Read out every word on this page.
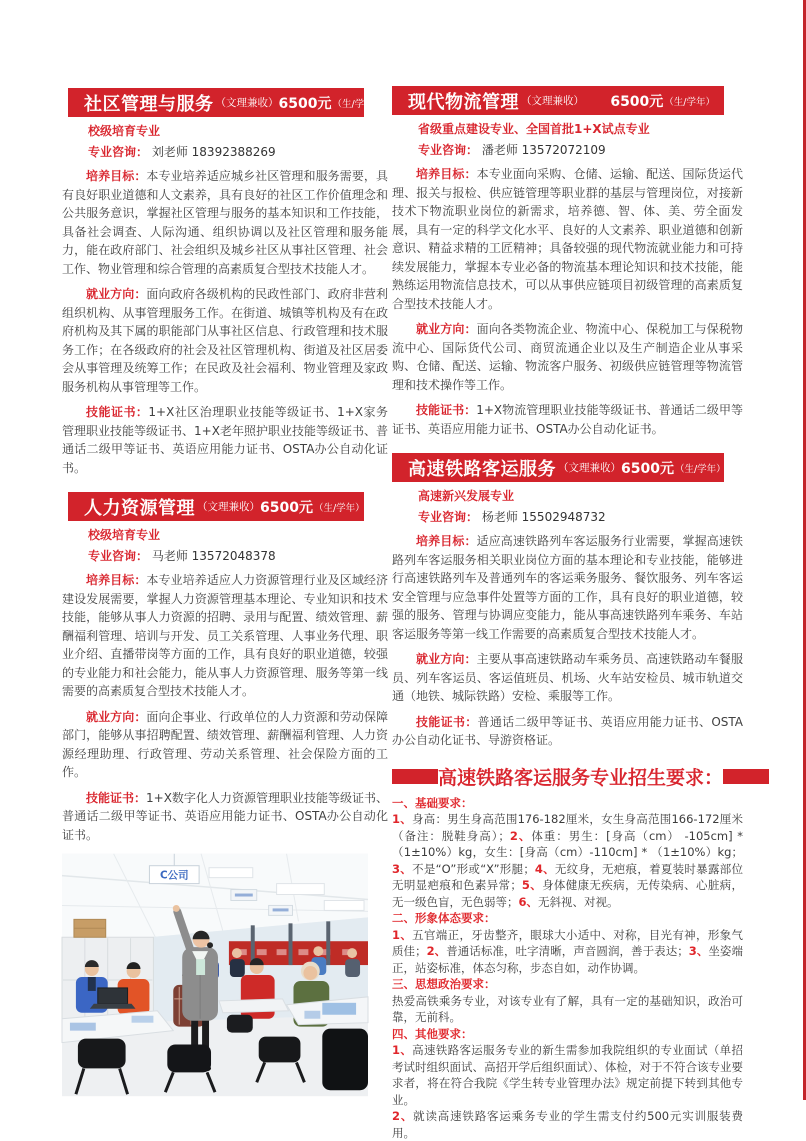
社区管理与服务 （文理兼收） 6500元 （生/学年）
校级培育专业
专业咨询： 刘老师 18392388269

培养目标：本专业培养适应城乡社区管理和服务需要，具有良好职业道德和人文素养，具有良好的社区工作价值理念和公共服务意识，掌握社区管理与服务的基本知识和工作技能，具备社会调查、人际沟通、组织协调以及社区管理和服务能力，能在政府部门、社会组织及城乡社区从事社区管理、社会工作、物业管理和综合管理的高素质复合型技术技能人才。

就业方向：面向政府各级机构的民政性部门、政府非营利组织机构、从事管理服务工作。在街道、城镇等机构及有在政府机构及其下属的职能部门从事社区信息、行政管理和技术服务工作；在各级政府的社会及社区管理机构、街道及社区居委会从事管理及统筹工作；在民政及社会福利、物业管理及家政服务机构从事管理等工作。

技能证书：1+X社区治理职业技能等级证书、1+X家务管理职业技能等级证书、1+X老年照护职业技能等级证书、普通话二级甲等证书、英语应用能力证书、OSTA办公自动化证书。

人力资源管理 （文理兼收） 6500元 （生/学年）
校级培育专业
专业咨询： 马老师 13572048378

培养目标：本专业培养适应人力资源管理行业及区域经济建设发展需要，掌握人力资源管理基本理论、专业知识和技术技能，能够从事人力资源的招聘、录用与配置、绩效管理、薪酬福利管理、培训与开发、员工关系管理、人事业务代理、职业介绍、直播带岗等方面的工作，具有良好的职业道德，较强的专业能力和社会能力，能从事人力资源管理、服务等第一线需要的高素质复合型技术技能人才。

就业方向：面向企事业、行政单位的人力资源和劳动保障部门，能够从事招聘配置、绩效管理、薪酬福利管理、人力资源经理助理、行政管理、劳动关系管理、社会保险方面的工作。

技能证书：1+X数字化人力资源管理职业技能等级证书、普通话二级甲等证书、英语应用能力证书、OSTA办公自动化证书。

C公司
现代物流管理 （文理兼收） 6500元 （生/学年）
省级重点建设专业、全国首批1+X试点专业
专业咨询： 潘老师 13572072109

培养目标：本专业面向采购、仓储、运输、配送、国际货运代理、报关与报检、供应链管理等职业群的基层与管理岗位，对接新技术下物流职业岗位的新需求，培养德、智、体、美、劳全面发展，具有一定的科学文化水平、良好的人文素养、职业道德和创新意识、精益求精的工匠精神；具备较强的现代物流就业能力和可持续发展能力，掌握本专业必备的物流基本理论知识和技术技能，能熟练运用物流信息技术，可以从事供应链项目初级管理的高素质复合型技术技能人才。

就业方向：面向各类物流企业、物流中心、保税加工与保税物流中心、国际货代公司、商贸流通企业以及生产制造企业从事采购、仓储、配送、运输、物流客户服务、初级供应链管理等物流管理和技术操作等工作。

技能证书：1+X物流管理职业技能等级证书、普通话二级甲等证书、英语应用能力证书、OSTA办公自动化证书。

高速铁路客运服务 （文理兼收） 6500元 （生/学年）
高速新兴发展专业
专业咨询： 杨老师 15502948732

培养目标：适应高速铁路列车客运服务行业需要，掌握高速铁路列车客运服务相关职业岗位方面的基本理论和专业技能，能够进行高速铁路列车及普通列车的客运乘务服务、餐饮服务、列车客运安全管理与应急事件处置等方面的工作，具有良好的职业道德，较强的服务、管理与协调应变能力，能从事高速铁路列车乘务、车站客运服务等第一线工作需要的高素质复合型技术技能人才。

就业方向：主要从事高速铁路动车乘务员、高速铁路动车餐服员、列车客运员、客运值班员、机场、火车站安检员、城市轨道交通（地铁、城际铁路）安检、乘服等工作。

技能证书：普通话二级甲等证书、英语应用能力证书、OSTA办公自动化证书、导游资格证。

高速铁路客运服务专业招生要求：

一、基础要求：

1、身高：男生身高范围176-182厘米，女生身高范围166-172厘米（备注：脱鞋身高）；2、体重：男生：[身高（cm） -105cm] *（1±10%）kg，女生：[身高（cm）-110cm] * （1±10%）kg；3、不是“O”形或“X”形腿；4、无纹身，无疤痕，着夏装时暴露部位无明显疤痕和色素异常；5、身体健康无疾病，无传染病、心脏病，无一级色盲，无色弱等；6、无斜视、对视。

二、形象体态要求：

1、五官端正，牙齿整齐，眼球大小适中、对称，目光有神，形象气质佳；2、普通话标准，吐字清晰，声音圆润，善于表达；3、坐姿端正，站姿标准，体态匀称，步态自如，动作协调。

三、思想政治要求：

热爱高铁乘务专业，对该专业有了解，具有一定的基础知识，政治可靠，无前科。

四、其他要求：

1、高速铁路客运服务专业的新生需参加我院组织的专业面试（单招考试时组织面试、高招开学后组织面试）、体检，对于不符合该专业要求者，将在符合我院《学生转专业管理办法》规定前提下转到其他专业。

2、就读高速铁路客运乘务专业的学生需支付约500元实训服装费用。
